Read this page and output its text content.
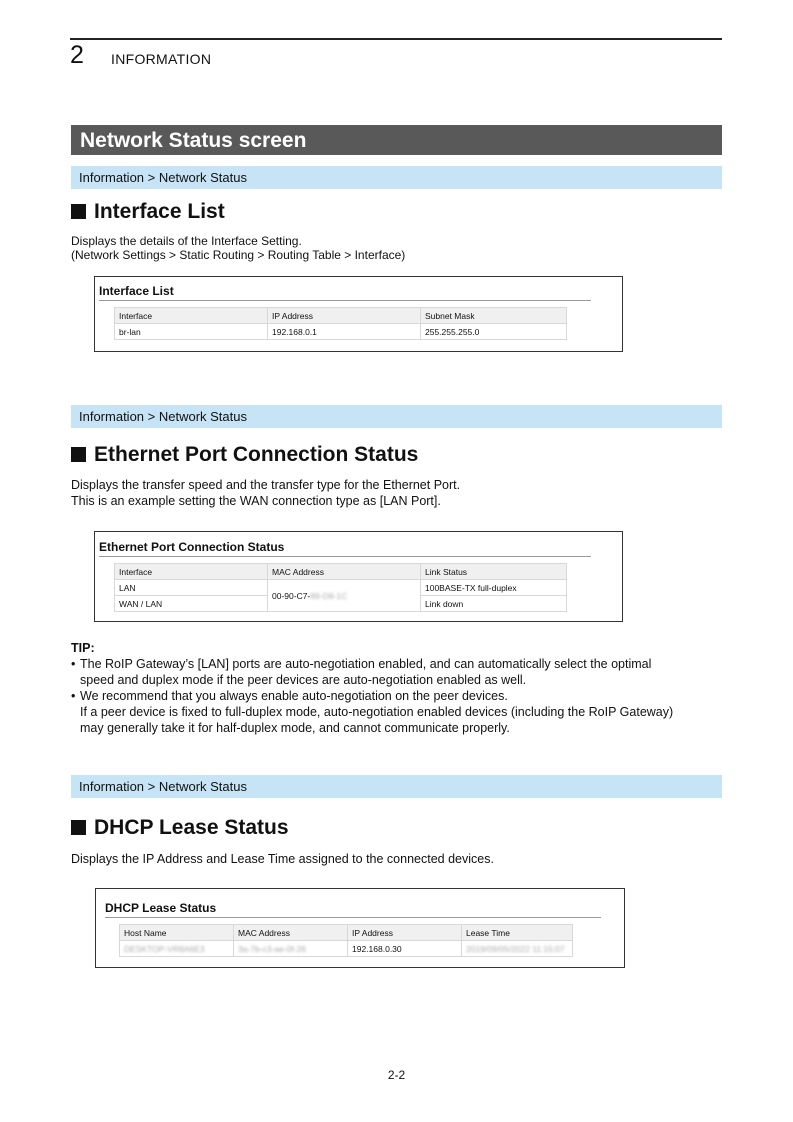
2 INFORMATION
Network Status screen
Information > Network Status
Interface List
Displays the details of the Interface Setting.
(Network Settings > Static Routing > Routing Table > Interface)
Interface List
Interface	IP Address	Subnet Mask
br-lan	192.168.0.1	255.255.255.0
Information > Network Status
Ethernet Port Connection Status
Displays the transfer speed and the transfer type for the Ethernet Port.
This is an example setting the WAN connection type as [LAN Port].
Ethernet Port Connection Status
Interface	MAC Address	Link Status
LAN	00-90-C7-89-D9-1C	100BASE-TX full-duplex
WAN / LAN		Link down
TIP:
• The RoIP Gateway’s [LAN] ports are auto-negotiation enabled, and can automatically select the optimal
speed and duplex mode if the peer devices are auto-negotiation enabled as well.
• We recommend that you always enable auto-negotiation on the peer devices.
If a peer device is fixed to full-duplex mode, auto-negotiation enabled devices (including the RoIP Gateway)
may generally take it for half-duplex mode, and cannot communicate properly.
Information > Network Status
DHCP Lease Status
Displays the IP Address and Lease Time assigned to the connected devices.
DHCP Lease Status
Host Name	MAC Address	IP Address	Lease Time
DESKTOP-VR8A6E3	3a-7b-c3-ae-0f-26	192.168.0.30	2019/09/05/2022 11:15:07
2-2
